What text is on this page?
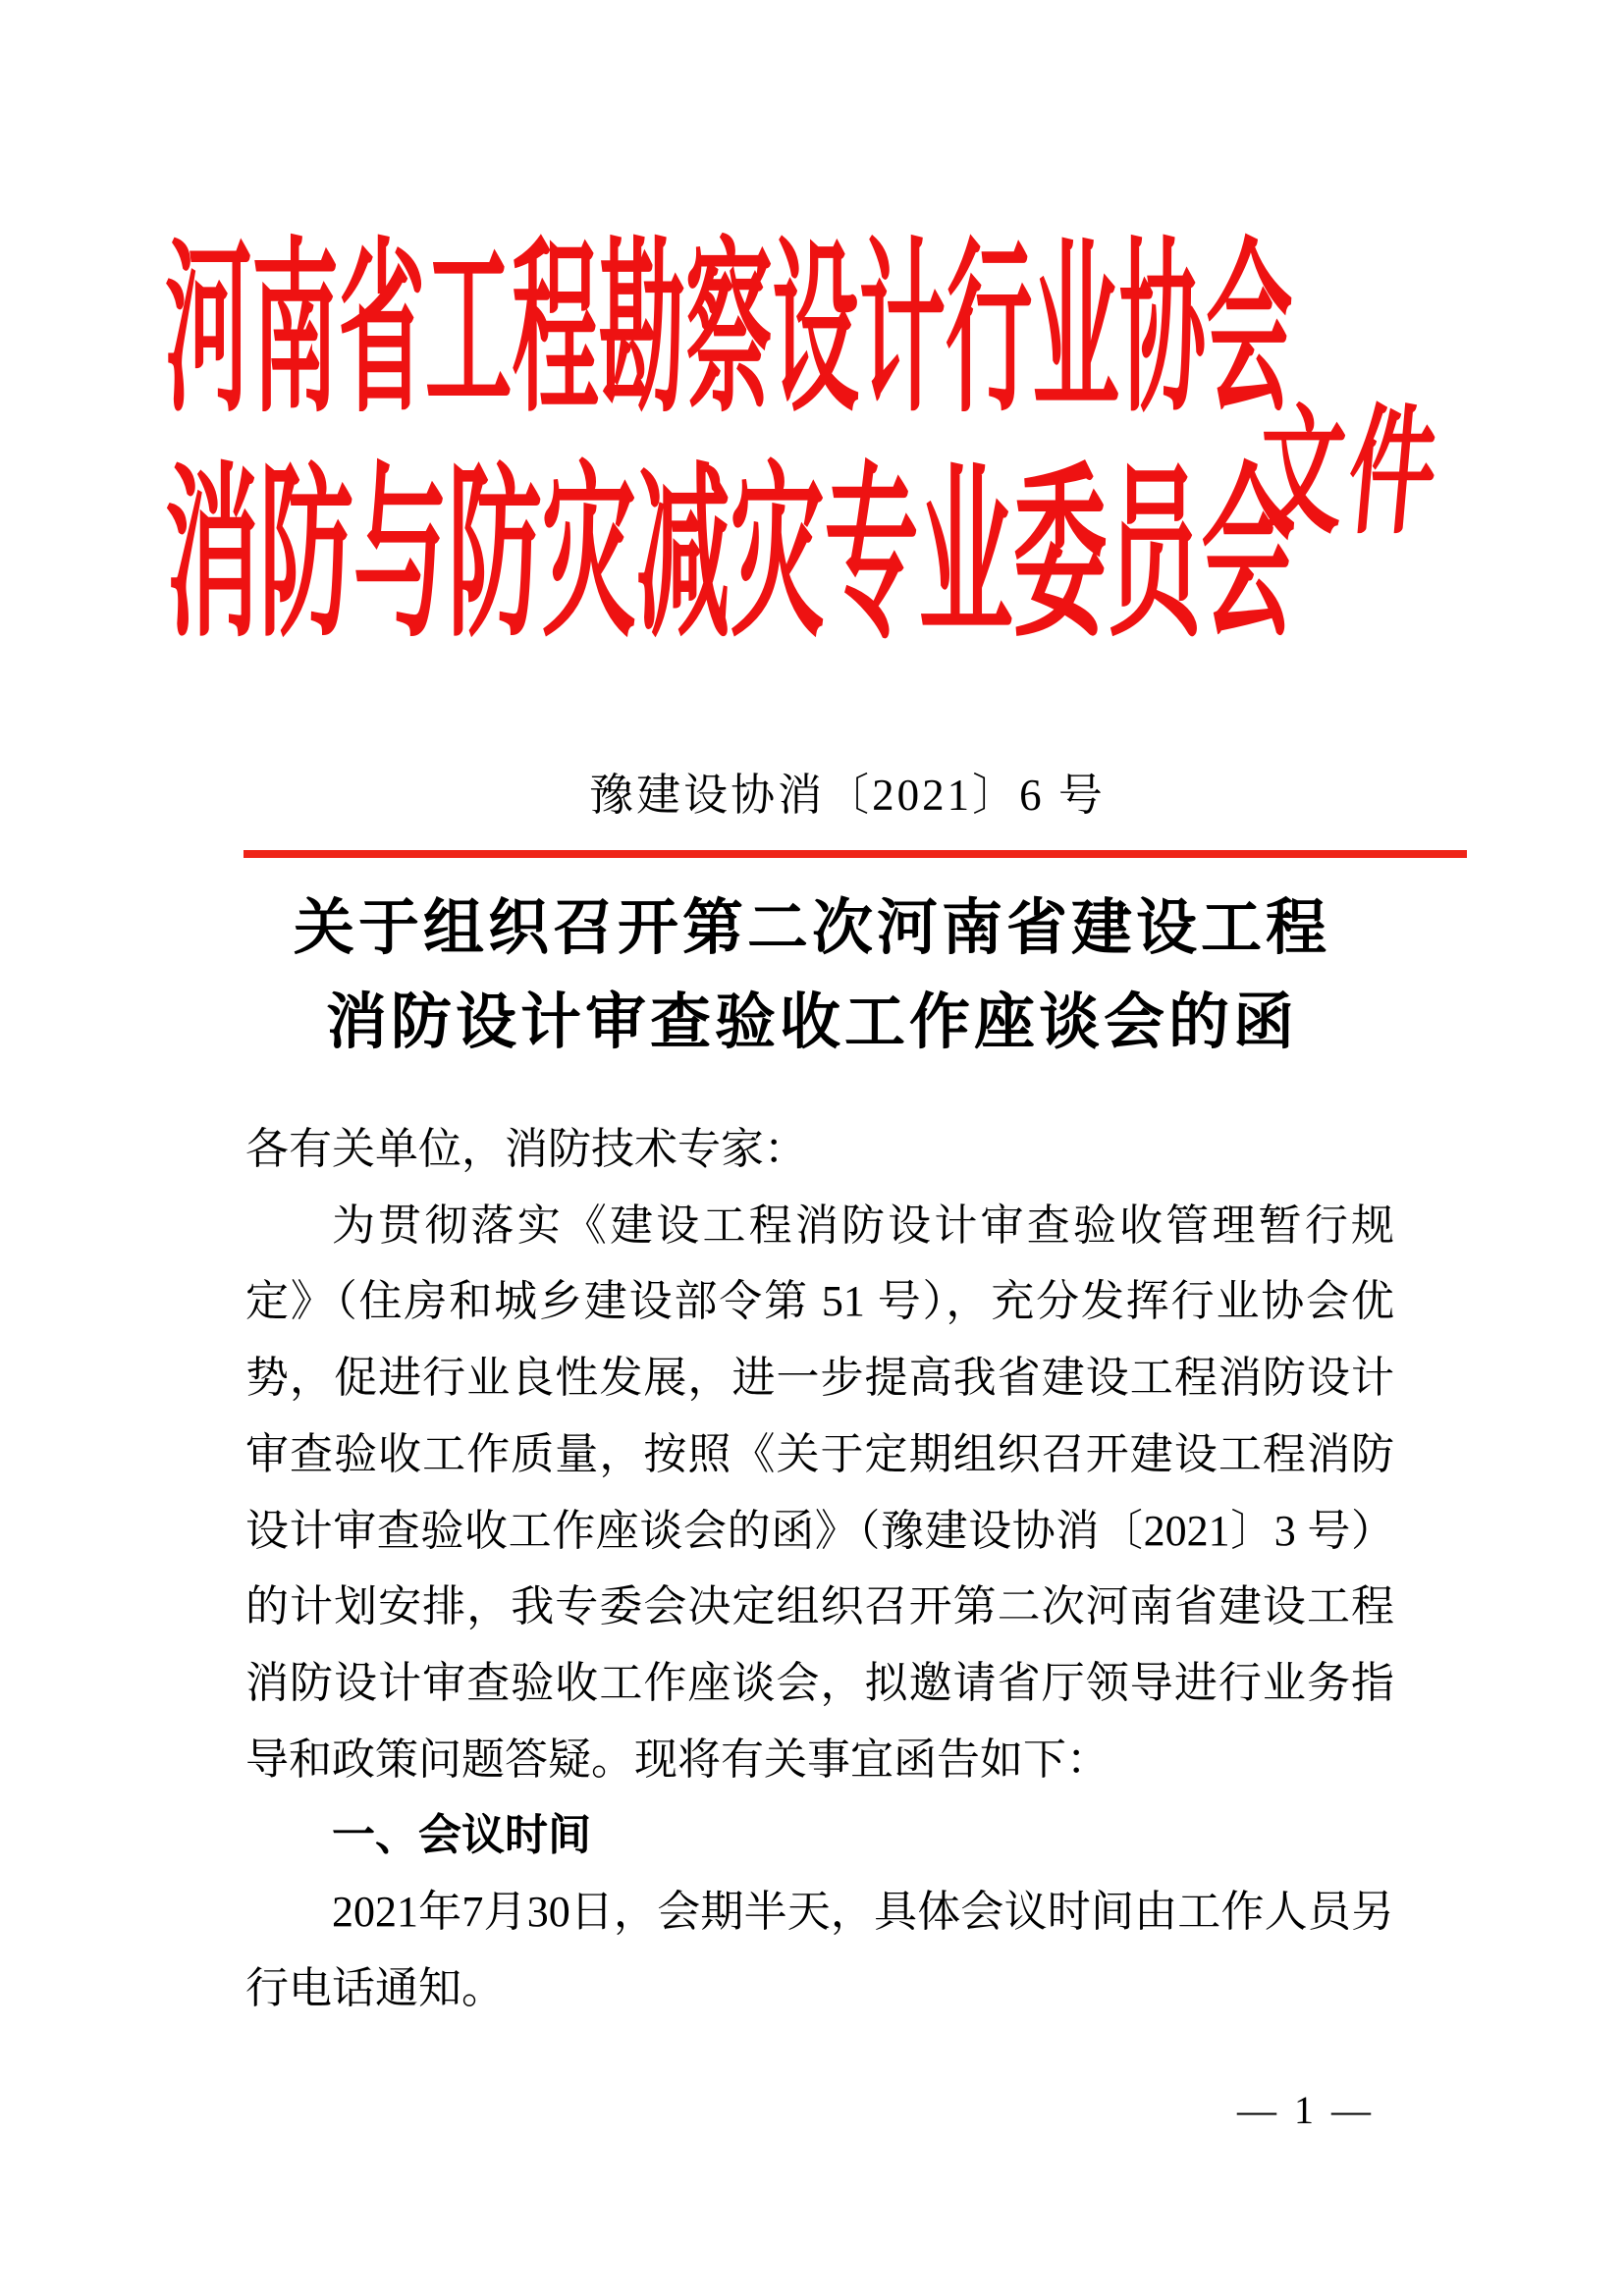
河南省工程勘察设计行业协会
消防与防灾减灾专业委员会
文件
豫建设协消〔2021〕6 号
关于组织召开第二次河南省建设工程
消防设计审查验收工作座谈会的函
各有关单位，消防技术专家：
为贯彻落实《建设工程消防设计审查验收管理暂行规
定》（住房和城乡建设部令第 51 号），充分发挥行业协会优
势，促进行业良性发展，进一步提高我省建设工程消防设计
审查验收工作质量，按照《关于定期组织召开建设工程消防
设计审查验收工作座谈会的函》（豫建设协消〔2021〕3 号）
的计划安排，我专委会决定组织召开第二次河南省建设工程
消防设计审查验收工作座谈会，拟邀请省厅领导进行业务指
导和政策问题答疑。现将有关事宜函告如下：
一、会议时间
2021年7月30日，会期半天，具体会议时间由工作人员另
行电话通知。
— 1 —
